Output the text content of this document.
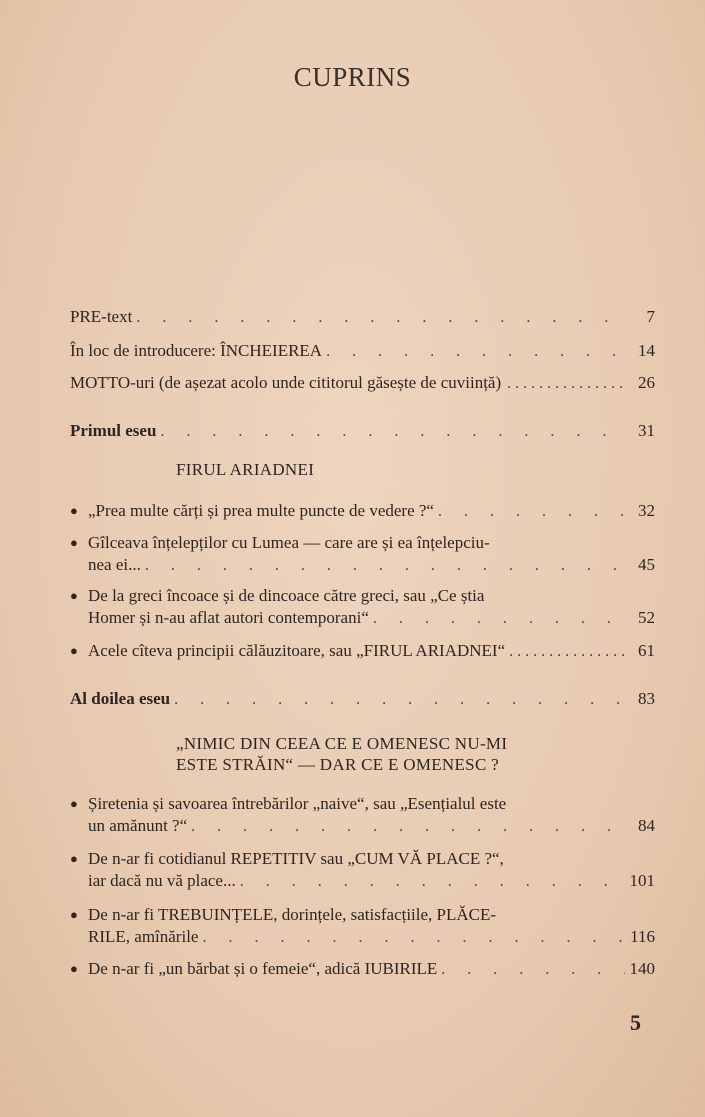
CUPRINS
PRE-text . . .	7
În loc de introducere: ÎNCHEIEREA . . .	14
MOTTO-uri (de așezat acolo unde cititorul găsește de cuviință) . . .	26
Primul eseu . . .	31
FIRUL ARIADNEI
● „Prea multe cărți și prea multe puncte de vedere ?“ . . .	32
● Gîlceava înțelepților cu Lumea — care are și ea înțelepciu-
nea ei... . . .	45
● De la greci încoace și de dincoace către greci, sau „Ce știa
Homer și n-au aflat autori contemporani“ . . .	52
● Acele cîteva principii călăuzitoare, sau „FIRUL ARIADNEI“ . . .	61
Al doilea eseu . . .	83
„NIMIC DIN CEEA CE E OMENESC NU-MI
ESTE STRĂIN“ — DAR CE E OMENESC ?
● Șiretenia și savoarea întrebărilor „naive“, sau „Esențialul este
un amănunt ?“ . . .	84
● De n-ar fi cotidianul REPETITIV sau „CUM VĂ PLACE ?“,
iar dacă nu vă place... . . .	101
● De n-ar fi TREBUINȚELE, dorințele, satisfacțiile, PLĂCE-
RILE, amînările . . .	116
● De n-ar fi „un bărbat și o femeie“, adică IUBIRILE . . .	140
5
